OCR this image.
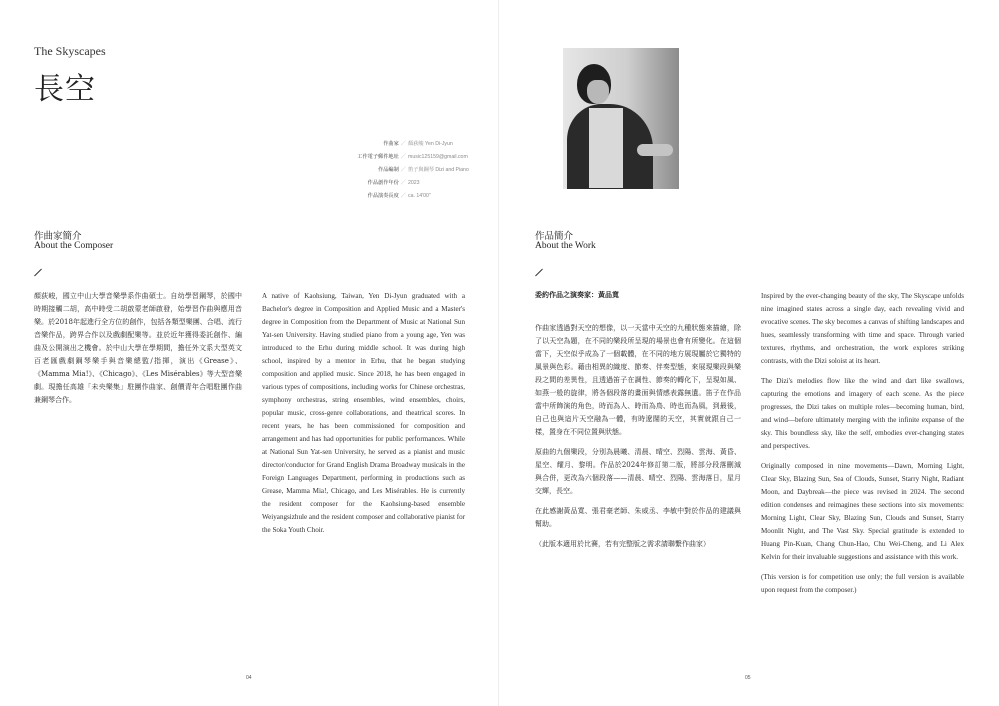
The Skyscapes
長空
作曲家 ／ 顏荻峻 Yen Di-Jyun
工作電子郵件地址 ／ music125159@gmail.com
作品編制 ／ 笛子與鋼琴 Dizi and Piano
作品創作年份 ／ 2023
作品演奏長度 ／ ca. 14'00"
作曲家簡介
About the Composer

顏荻峻，國立中山大學音樂學系作曲碩士。自幼學習鋼琴，於國中時期接觸二胡，高中時受二胡啟蒙老師啟發，始學習作曲與應用音樂。於2018年起進行全方位的創作，包括各類型樂團、合唱、流行音樂作品，跨界合作以及戲劇配樂等。並於近年獲得委託創作、編曲及公開演出之機會。於中山大學在學期間，擔任外文系大型英文百老匯戲劇鋼琴樂手與音樂總監/指揮，演出《Grease》、《Mamma Mia!》、《Chicago》、《Les Misérables》等大型音樂劇。現擔任高雄「未央樂集」駐團作曲家、創價青年合唱駐團作曲兼鋼琴合作。

A native of Kaohsiung, Taiwan, Yen Di-Jyun graduated with a Bachelor's degree in Composition and Applied Music and a Master's degree in Composition from the Department of Music at National Sun Yat-sen University. Having studied piano from a young age, Yen was introduced to the Erhu during middle school. It was during high school, inspired by a mentor in Erhu, that he began studying composition and applied music. Since 2018, he has been engaged in various types of compositions, including works for Chinese orchestras, symphony orchestras, string ensembles, wind ensembles, choirs, popular music, cross-genre collaborations, and theatrical scores. In recent years, he has been commissioned for composition and arrangement and has had opportunities for public performances. While at National Sun Yat-sen University, he served as a pianist and music director/conductor for Grand English Drama Broadway musicals in the Foreign Languages Department, performing in productions such as Grease, Mamma Mia!, Chicago, and Les Misérables. He is currently the resident composer for the Kaohsiung-based ensemble Weiyangsizhule and the resident composer and collaborative pianist for the Soka Youth Choir.

04
作品簡介
About the Work
委約作品之演奏家：黃品寬

作曲家透過對天空的想像，以一天當中天空的九種狀態來描繪，除了以天空為題，在不同的樂段所呈現的場景也會有所變化。在這個當下，天空似乎成為了一個載體，在不同的地方展現屬於它獨特的風景與色彩。藉由相異的織度、節奏、伴奏型態，來展現樂段與樂段之間的差異性，且透過笛子在調性、節奏的轉化下，呈現如風、如燕一般的旋律，將各個段落的畫面與情感表露無遺。笛子在作品當中所飾演的角色，時而為人、時而為鳥、時也而為風，到最後，自己也與這片天空融為一體，有時遼闊的天空，其實就跟自己一樣，置身在不同位置與狀態。

原曲的九個樂段，分別為晨曦、清晨、晴空、烈陽、雲海、黃昏、星空、耀月、黎明。作品於2024年修訂第二版，將部分段落刪減與合併，更改為六個段落——清晨、晴空、烈陽、雲海落日，星月交輝，長空。

在此感謝黃品寬、張君豪老師、朱威丞、李敏中對於作品的建議與幫助。

（此版本適用於比賽，若有完整版之需求請聯繫作曲家）

Inspired by the ever-changing beauty of the sky, The Skyscape unfolds nine imagined states across a single day, each revealing vivid and evocative scenes. The sky becomes a canvas of shifting landscapes and hues, seamlessly transforming with time and space. Through varied textures, rhythms, and orchestration, the work explores striking contrasts, with the Dizi soloist at its heart.

The Dizi's melodies flow like the wind and dart like swallows, capturing the emotions and imagery of each scene. As the piece progresses, the Dizi takes on multiple roles—becoming human, bird, and wind—before ultimately merging with the infinite expanse of the sky. This boundless sky, like the self, embodies ever-changing states and perspectives.

Originally composed in nine movements—Dawn, Morning Light, Clear Sky, Blazing Sun, Sea of Clouds, Sunset, Starry Night, Radiant Moon, and Daybreak—the piece was revised in 2024. The second edition condenses and reimagines these sections into six movements: Morning Light, Clear Sky, Blazing Sun, Clouds and Sunset, Starry Moonlit Night, and The Vast Sky. Special gratitude is extended to Huang Pin-Kuan, Chang Chun-Hao, Chu Wei-Cheng, and Li Alex Kelvin for their invaluable suggestions and assistance with this work.

(This version is for competition use only; the full version is available upon request from the composer.)

05
